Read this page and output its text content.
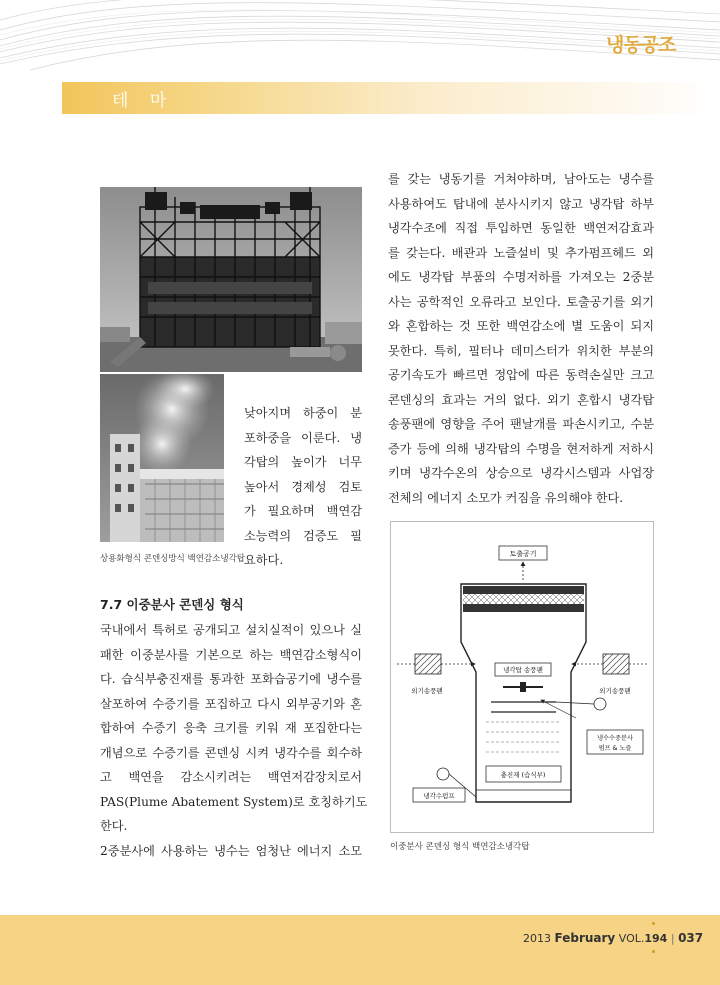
냉동공조
테 마
상용화형식 콘덴싱방식 백연감소냉각탑

낮아지며 하중이 분
포하중을 이룬다. 냉
각탑의 높이가 너무
높아서 경제성 검토
가 필요하며 백연감
소능력의 검증도 필
요하다.

를 갖는 냉동기를 거쳐야하며, 남아도는 냉수를
사용하여도 탑내에 분사시키지 않고 냉각탑 하부
냉각수조에 직접 투입하면 동일한 백연저감효과
를 갖는다. 배관과 노즐설비 및 추가펌프헤드 외
에도 냉각탑 부품의 수명저하를 가져오는 2중분
사는 공학적인 오류라고 보인다. 토출공기를 외기
와 혼합하는 것 또한 백연감소에 별 도움이 되지
못한다. 특히, 필터나 데미스터가 위치한 부분의
공기속도가 빠르면 정압에 따른 동력손실만 크고
콘덴싱의 효과는 거의 없다. 외기 혼합시 냉각탑
송풍팬에 영향을 주어 팬날개를 파손시키고, 수분
증가 등에 의해 냉각탑의 수명을 현저하게 저하시
키며 냉각수온의 상승으로 냉각시스템과 사업장
전체의 에너지 소모가 커짐을 유의해야 한다.

7.7 이중분사 콘덴싱 형식

국내에서 특허로 공개되고 설치실적이 있으나 실
패한 이중분사를 기본으로 하는 백연감소형식이
다. 습식부충진재를 통과한 포화습공기에 냉수를
살포하여 수증기를 포집하고 다시 외부공기와 혼
합하여 수증기 응축 크기를 키워 재 포집한다는
개념으로 수증기를 콘덴싱 시켜 냉각수를 회수하
고 백연을 감소시키려는 백연저감장치로서
PAS(Plume Abatement System)로 호칭하기도
한다.
2중분사에 사용하는 냉수는 엄청난 에너지 소모

토출공기
외기송풍팬	외기송풍팬
냉각탑 송풍팬
냉수수중분사
펌프 & 노즐
충진재 (습식부)
냉각수펌프
이중분사 콘덴싱 형식 백연감소냉각탑
2013 February VOL.194 | 037
